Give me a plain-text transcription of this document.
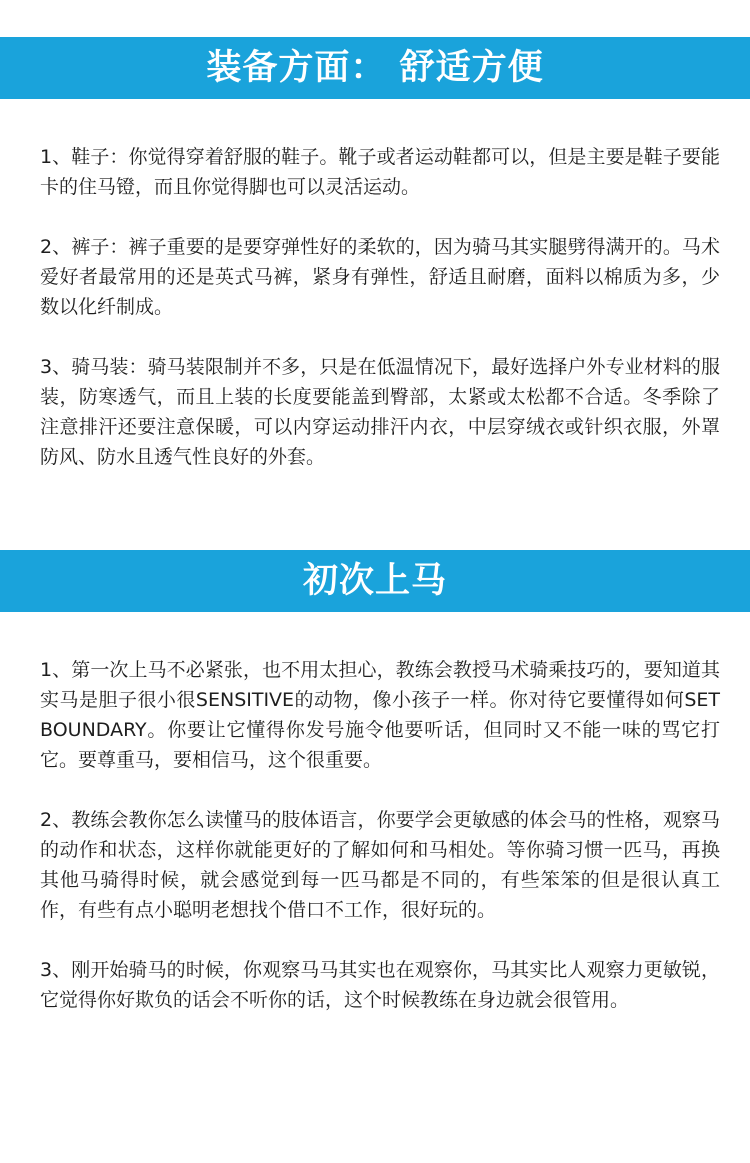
装备方面： 舒适方便

1、鞋子：你觉得穿着舒服的鞋子。靴子或者运动鞋都可以，但是主要是鞋子要能卡的住马镫，而且你觉得脚也可以灵活运动。

2、裤子：裤子重要的是要穿弹性好的柔软的，因为骑马其实腿劈得满开的。马术爱好者最常用的还是英式马裤，紧身有弹性，舒适且耐磨，面料以棉质为多，少数以化纤制成。

3、骑马装：骑马装限制并不多，只是在低温情况下，最好选择户外专业材料的服装，防寒透气，而且上装的长度要能盖到臀部，太紧或太松都不合适。冬季除了注意排汗还要注意保暖，可以内穿运动排汗内衣，中层穿绒衣或针织衣服，外罩防风、防水且透气性良好的外套。

初次上马

1、第一次上马不必紧张，也不用太担心，教练会教授马术骑乘技巧的，要知道其实马是胆子很小很SENSITIVE的动物，像小孩子一样。你对待它要懂得如何SET BOUNDARY。你要让它懂得你发号施令他要听话，但同时又不能一味的骂它打它。要尊重马，要相信马，这个很重要。

2、教练会教你怎么读懂马的肢体语言，你要学会更敏感的体会马的性格，观察马的动作和状态，这样你就能更好的了解如何和马相处。等你骑习惯一匹马，再换其他马骑得时候，就会感觉到每一匹马都是不同的，有些笨笨的但是很认真工作，有些有点小聪明老想找个借口不工作，很好玩的。

3、刚开始骑马的时候，你观察马马其实也在观察你，马其实比人观察力更敏锐，它觉得你好欺负的话会不听你的话，这个时候教练在身边就会很管用。
